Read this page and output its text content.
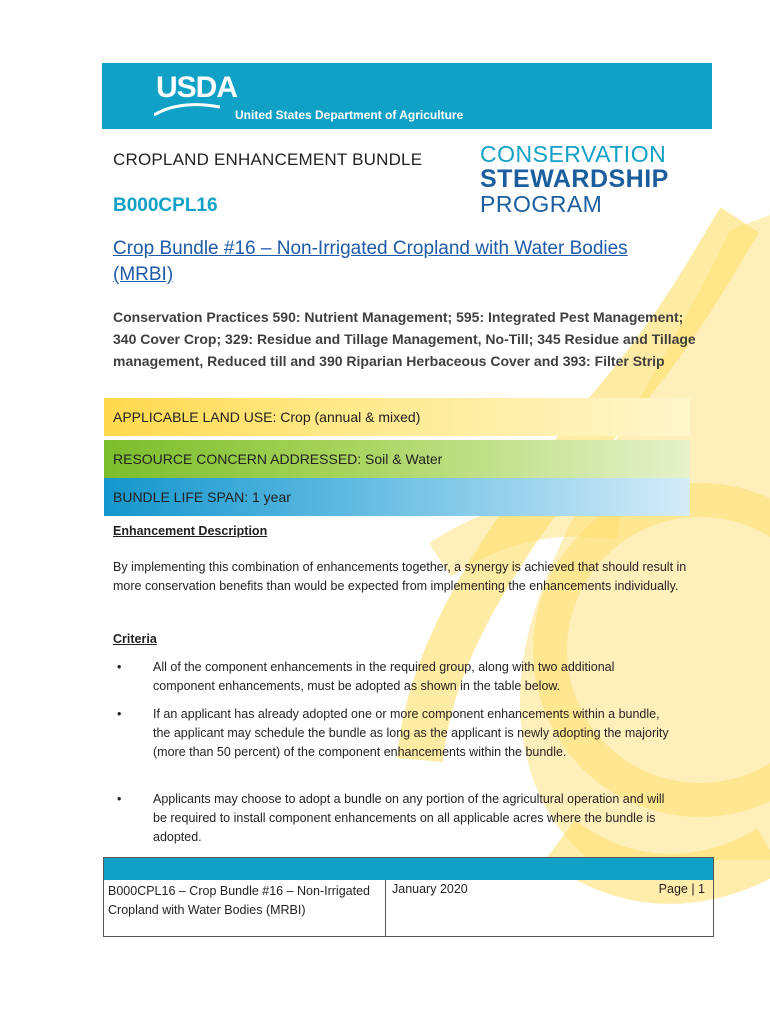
USDA
United States Department of Agriculture
CROPLAND ENHANCEMENT BUNDLE
B000CPL16
CONSERVATION
STEWARDSHIP
PROGRAM
Crop Bundle #16 – Non-Irrigated Cropland with Water Bodies (MRBI)
Conservation Practices 590: Nutrient Management; 595: Integrated Pest Management; 340 Cover Crop; 329: Residue and Tillage Management, No-Till; 345 Residue and Tillage management, Reduced till and 390 Riparian Herbaceous Cover and 393: Filter Strip
APPLICABLE LAND USE: Crop (annual & mixed)
RESOURCE CONCERN ADDRESSED: Soil & Water
BUNDLE LIFE SPAN: 1 year
Enhancement Description
By implementing this combination of enhancements together, a synergy is achieved that should result in more conservation benefits than would be expected from implementing the enhancements individually.
Criteria
•	All of the component enhancements in the required group, along with two additional component enhancements, must be adopted as shown in the table below.
•	If an applicant has already adopted one or more component enhancements within a bundle, the applicant may schedule the bundle as long as the applicant is newly adopting the majority (more than 50 percent) of the component enhancements within the bundle.
•	Applicants may choose to adopt a bundle on any portion of the agricultural operation and will be required to install component enhancements on all applicable acres where the bundle is adopted.
B000CPL16 – Crop Bundle #16 – Non-Irrigated Cropland with Water Bodies (MRBI)
January 2020	Page | 1
